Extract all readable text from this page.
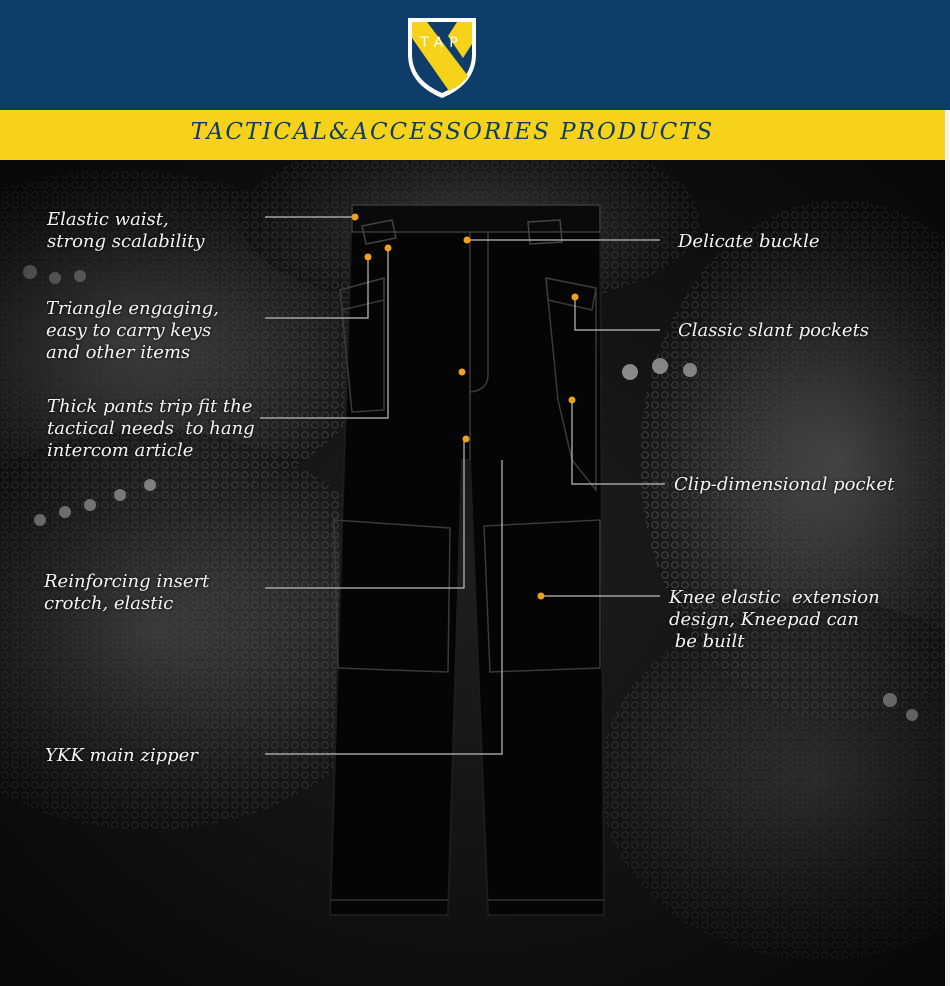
TAP
TACTICAL&ACCESSORIES PRODUCTS
Elastic waist,
strong scalability
Triangle engaging,
easy to carry keys
and other items
Thick pants trip fit the
tactical needs  to hang
intercom article
Reinforcing insert
crotch, elastic
YKK main zipper
Delicate buckle
Classic slant pockets
Clip-dimensional pocket
Knee elastic  extension
design, Kneepad can
be built
